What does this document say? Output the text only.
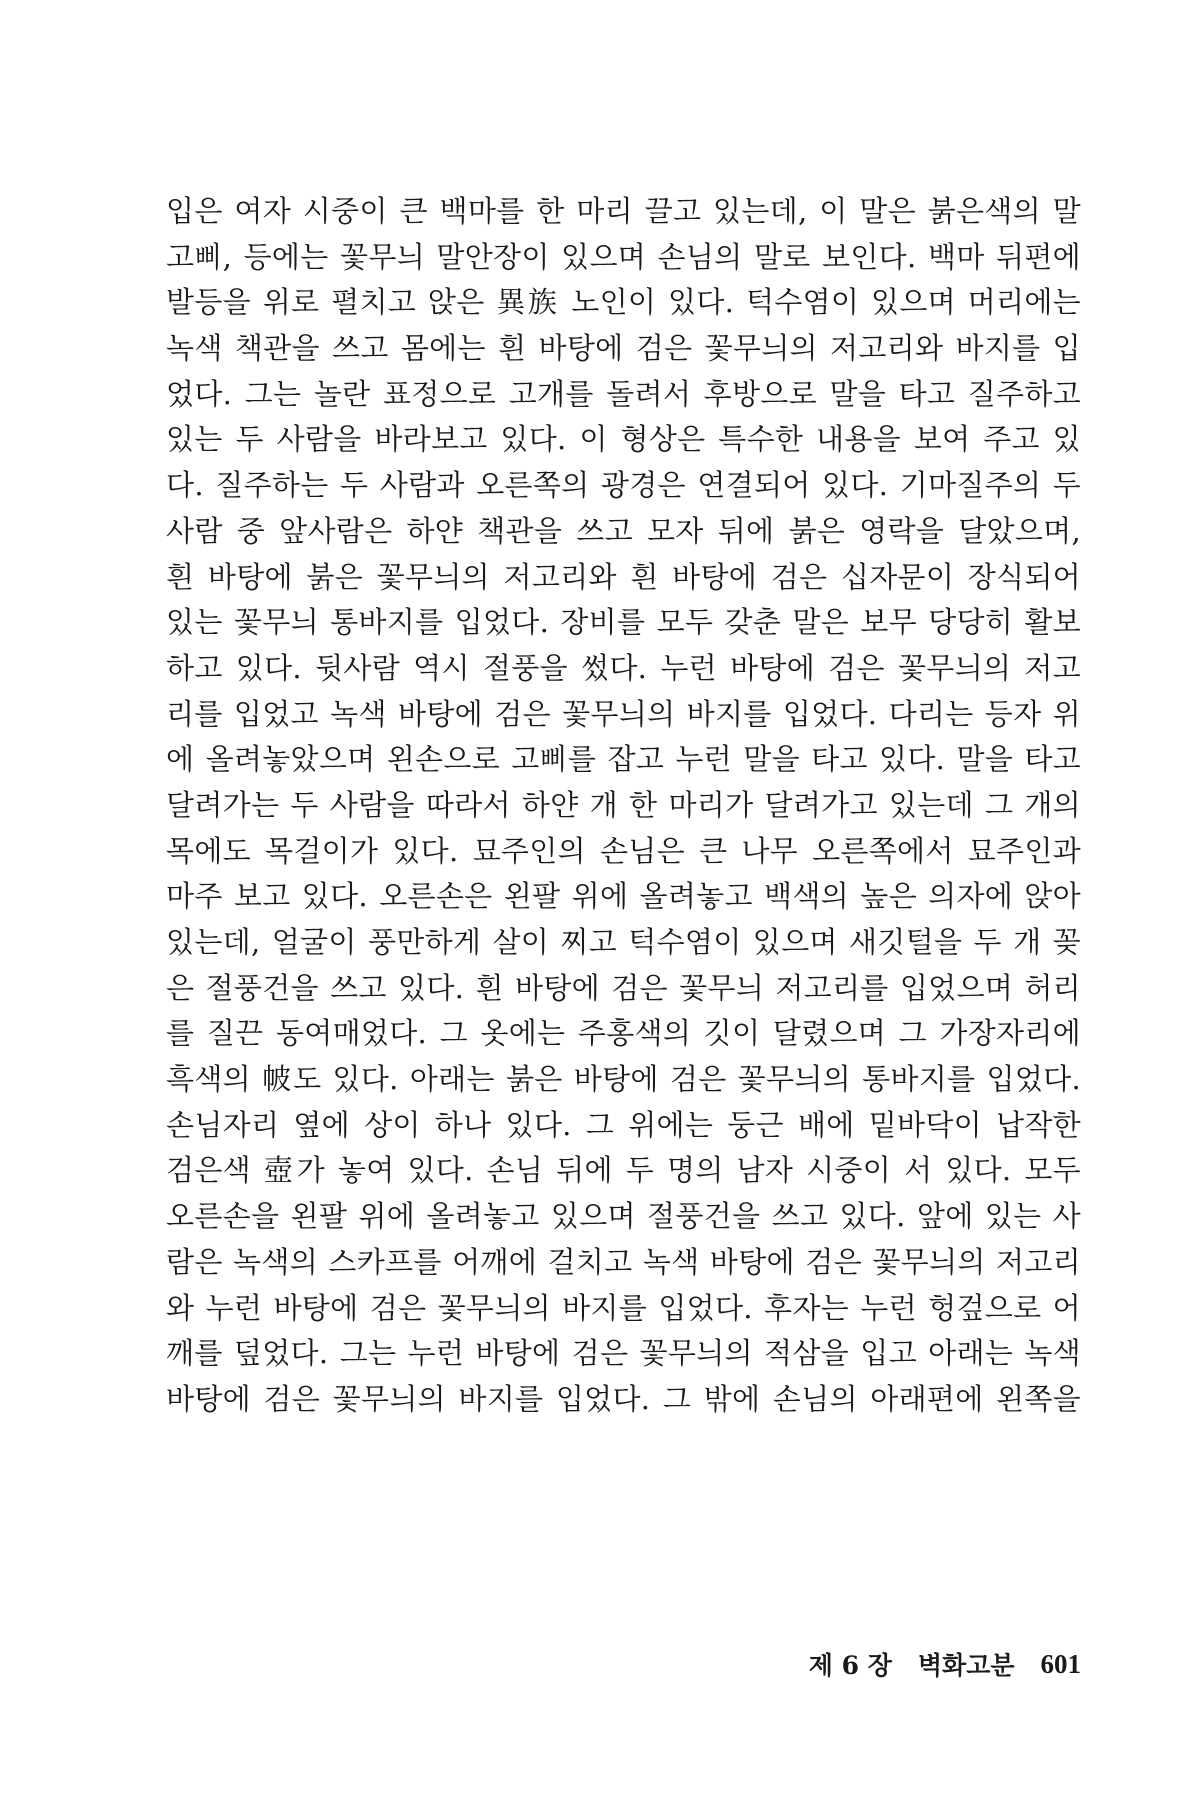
입은 여자 시중이 큰 백마를 한 마리 끌고 있는데, 이 말은 붉은색의 말
고삐, 등에는 꽃무늬 말안장이 있으며 손님의 말로 보인다. 백마 뒤편에
발등을 위로 펼치고 앉은 異族 노인이 있다. 턱수염이 있으며 머리에는
녹색 책관을 쓰고 몸에는 흰 바탕에 검은 꽃무늬의 저고리와 바지를 입
었다. 그는 놀란 표정으로 고개를 돌려서 후방으로 말을 타고 질주하고
있는 두 사람을 바라보고 있다. 이 형상은 특수한 내용을 보여 주고 있
다. 질주하는 두 사람과 오른쪽의 광경은 연결되어 있다. 기마질주의 두
사람 중 앞사람은 하얀 책관을 쓰고 모자 뒤에 붉은 영락을 달았으며,
흰 바탕에 붉은 꽃무늬의 저고리와 흰 바탕에 검은 십자문이 장식되어
있는 꽃무늬 통바지를 입었다. 장비를 모두 갖춘 말은 보무 당당히 활보
하고 있다. 뒷사람 역시 절풍을 썼다. 누런 바탕에 검은 꽃무늬의 저고
리를 입었고 녹색 바탕에 검은 꽃무늬의 바지를 입었다. 다리는 등자 위
에 올려놓았으며 왼손으로 고삐를 잡고 누런 말을 타고 있다. 말을 타고
달려가는 두 사람을 따라서 하얀 개 한 마리가 달려가고 있는데 그 개의
목에도 목걸이가 있다. 묘주인의 손님은 큰 나무 오른쪽에서 묘주인과
마주 보고 있다. 오른손은 왼팔 위에 올려놓고 백색의 높은 의자에 앉아
있는데, 얼굴이 풍만하게 살이 찌고 턱수염이 있으며 새깃털을 두 개 꽂
은 절풍건을 쓰고 있다. 흰 바탕에 검은 꽃무늬 저고리를 입었으며 허리
를 질끈 동여매었다. 그 옷에는 주홍색의 깃이 달렸으며 그 가장자리에
흑색의 帔도 있다. 아래는 붉은 바탕에 검은 꽃무늬의 통바지를 입었다.
손님자리 옆에 상이 하나 있다. 그 위에는 둥근 배에 밑바닥이 납작한
검은색 壺가 놓여 있다. 손님 뒤에 두 명의 남자 시중이 서 있다. 모두
오른손을 왼팔 위에 올려놓고 있으며 절풍건을 쓰고 있다. 앞에 있는 사
람은 녹색의 스카프를 어깨에 걸치고 녹색 바탕에 검은 꽃무늬의 저고리
와 누런 바탕에 검은 꽃무늬의 바지를 입었다. 후자는 누런 헝겊으로 어
깨를 덮었다. 그는 누런 바탕에 검은 꽃무늬의 적삼을 입고 아래는 녹색
바탕에 검은 꽃무늬의 바지를 입었다. 그 밖에 손님의 아래편에 왼쪽을
제 6 장 벽화고분 601
